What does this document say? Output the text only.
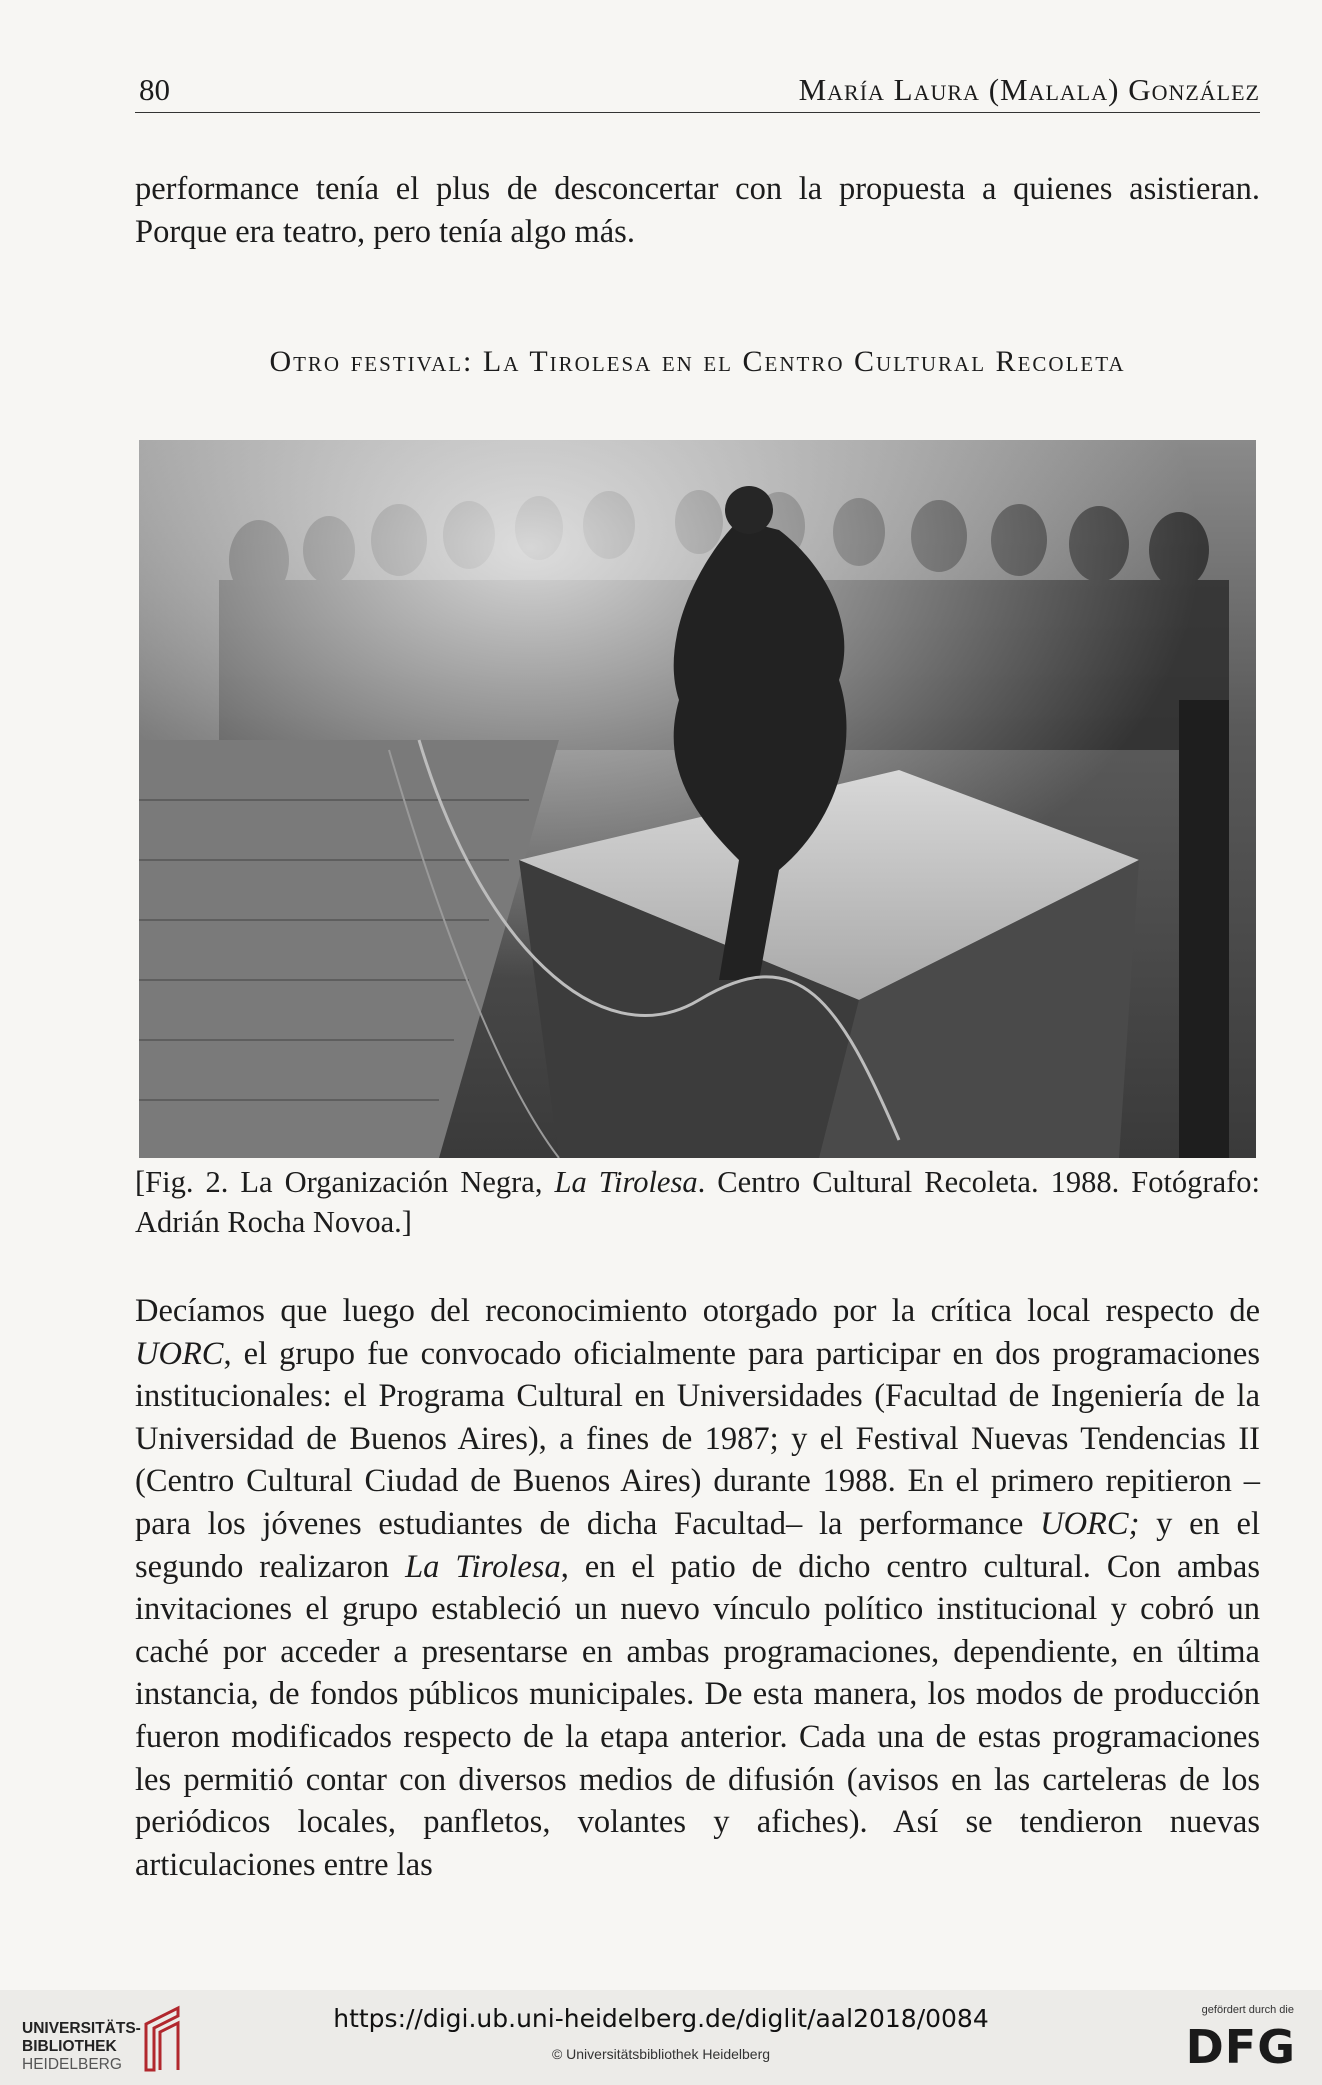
80	María Laura (Malala) González

performance tenía el plus de desconcertar con la propuesta a quienes asistieran. Porque era teatro, pero tenía algo más.

Otro festival: La Tirolesa en el Centro Cultural Recoleta
[Fig. 2. La Organización Negra, La Tirolesa. Centro Cultural Recoleta. 1988. Fotógrafo: Adrián Rocha Novoa.]

Decíamos que luego del reconocimiento otorgado por la crítica local respecto de UORC, el grupo fue convocado oficialmente para participar en dos programaciones institucionales: el Programa Cultural en Universidades (Facultad de Ingeniería de la Universidad de Buenos Aires), a fines de 1987; y el Festival Nuevas Tendencias II (Centro Cultural Ciudad de Buenos Aires) durante 1988. En el primero repitieron –para los jóvenes estudiantes de dicha Facultad– la performance UORC; y en el segundo realizaron La Tirolesa, en el patio de dicho centro cultural. Con ambas invitaciones el grupo estableció un nuevo vínculo político institucional y cobró un caché por acceder a presentarse en ambas programaciones, dependiente, en última instancia, de fondos públicos municipales. De esta manera, los modos de producción fueron modificados respecto de la etapa anterior. Cada una de estas programaciones les permitió contar con diversos medios de difusión (avisos en las carteleras de los periódicos locales, panfletos, volantes y afiches). Así se tendieron nuevas articulaciones entre las

UNIVERSITÄTS-
BIBLIOTHEK
HEIDELBERG
https://digi.ub.uni-heidelberg.de/diglit/aal2018/0084
© Universitätsbibliothek Heidelberg
gefördert durch die
DFG
